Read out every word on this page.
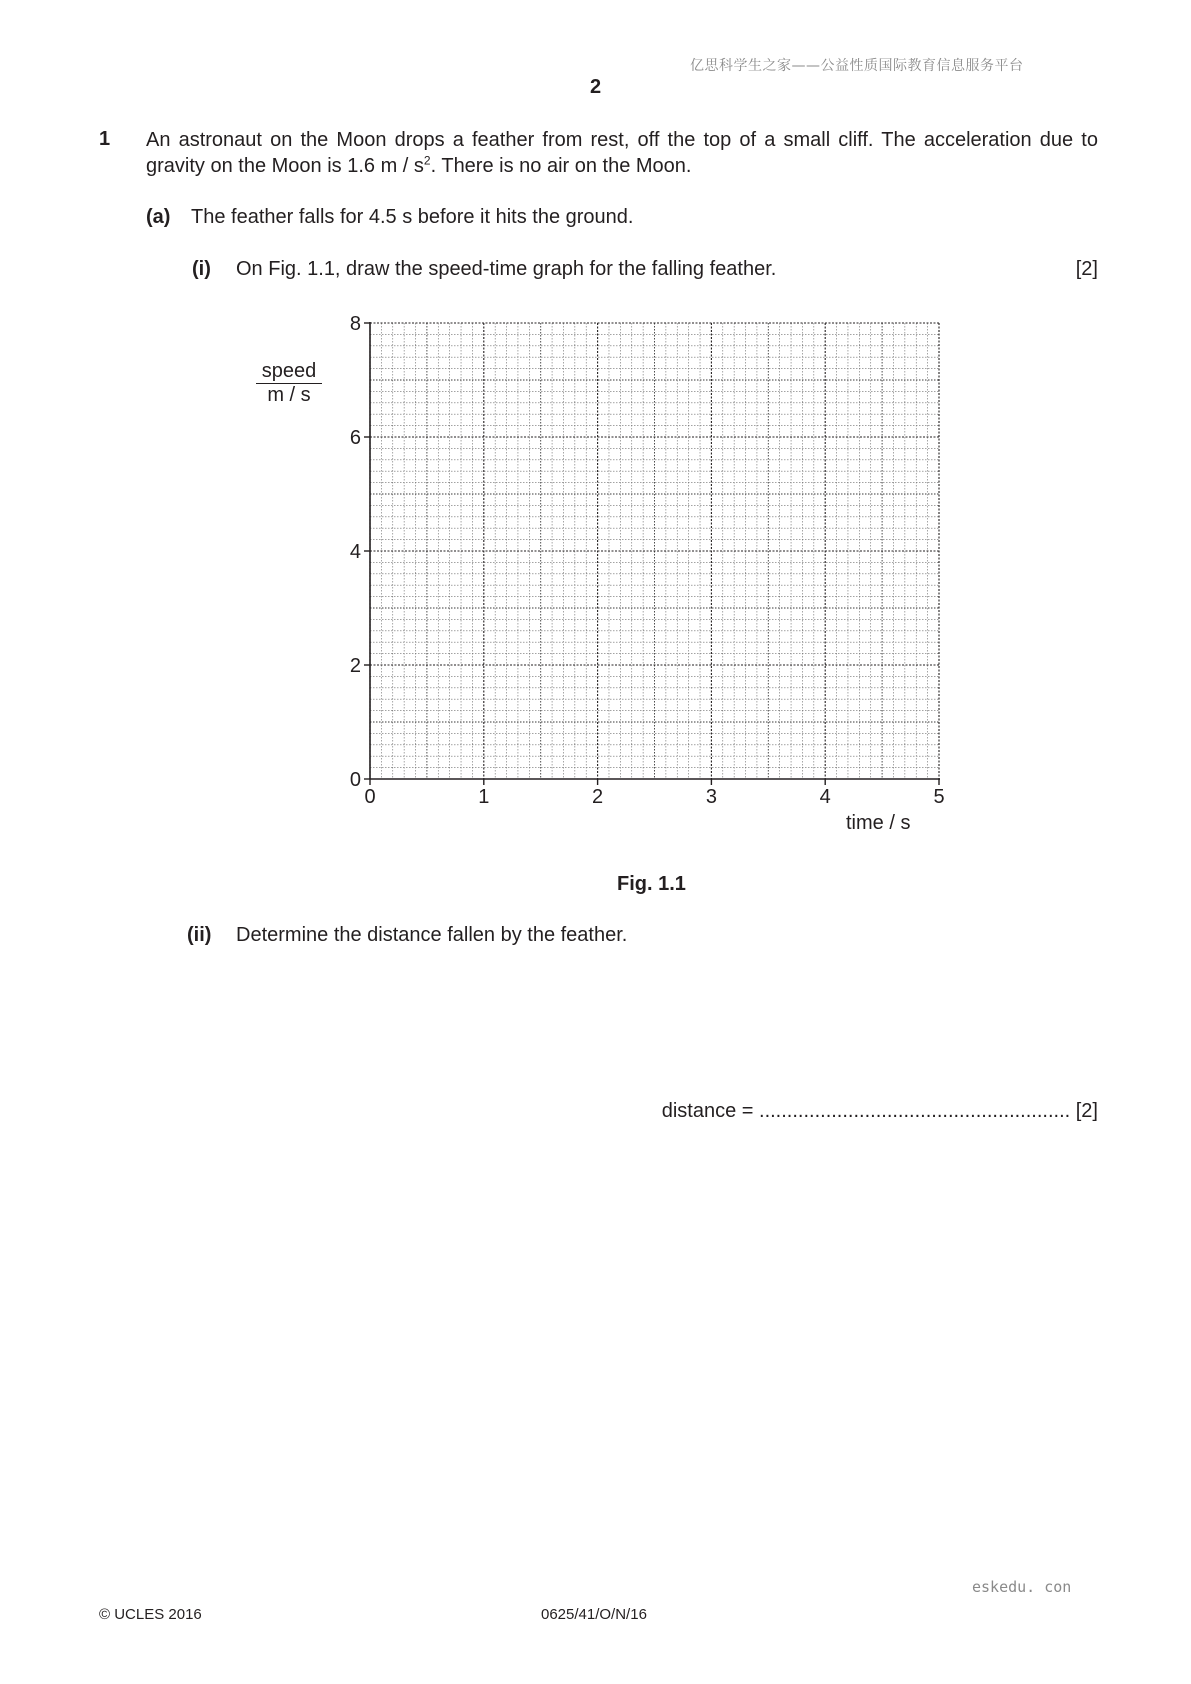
亿思科学生之家——公益性质国际教育信息服务平台
2
1 An astronaut on the Moon drops a feather from rest, off the top of a small cliff. The acceleration due to gravity on the Moon is 1.6 m / $s^2$. There is no air on the Moon.
(a) The feather falls for 4.5 s before it hits the ground.
(i) On Fig. 1.1, draw the speed-time graph for the falling feather.	[2]
speed
m / s
0	1	2	3	4	5
0
2
4
6
8
time / s
Fig. 1.1
(ii) Determine the distance fallen by the feather.
distance = ........................................................ [2]
eskedu. con
© UCLES 2016	0625/41/O/N/16
